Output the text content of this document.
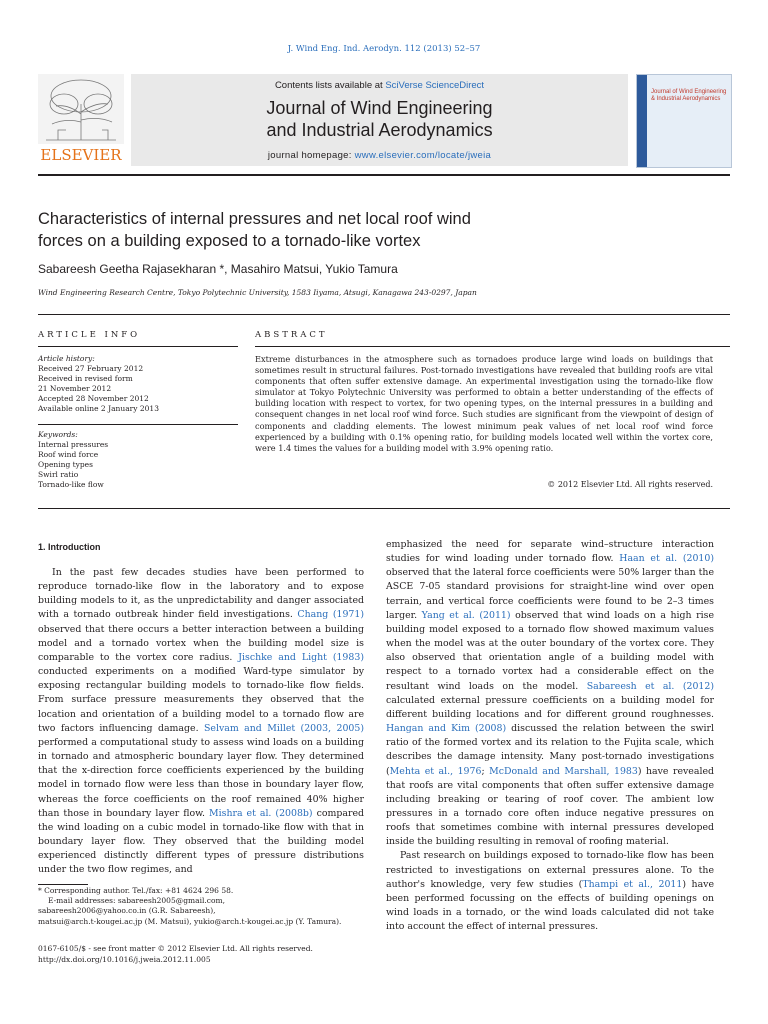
J. Wind Eng. Ind. Aerodyn. 112 (2013) 52–57
ELSEVIER
Contents lists available at SciVerse ScienceDirect
Journal of Wind Engineering
and Industrial Aerodynamics
journal homepage: www.elsevier.com/locate/jweia
Journal of Wind Engineering & Industrial Aerodynamics
Characteristics of internal pressures and net local roof wind
forces on a building exposed to a tornado-like vortex
Sabareesh Geetha Rajasekharan *, Masahiro Matsui, Yukio Tamura
Wind Engineering Research Centre, Tokyo Polytechnic University, 1583 Iiyama, Atsugi, Kanagawa 243-0297, Japan
ARTICLE INFO	ABSTRACT
Article history:
Received 27 February 2012
Received in revised form
21 November 2012
Accepted 28 November 2012
Available online 2 January 2013
Keywords:
Internal pressures
Roof wind force
Opening types
Swirl ratio
Tornado-like flow
Extreme disturbances in the atmosphere such as tornadoes produce large wind loads on buildings that sometimes result in structural failures. Post-tornado investigations have revealed that building roofs are vital components that often suffer extensive damage. An experimental investigation using the tornado-like flow simulator at Tokyo Polytechnic University was performed to obtain a better understanding of the effects of building location with respect to vortex, for two opening types, on the internal pressures in a building and consequent changes in net local roof wind force. Such studies are significant from the viewpoint of design of components and cladding elements. The lowest minimum peak values of net local roof wind force experienced by a building with 0.1% opening ratio, for building models located well within the vortex core, were 1.4 times the values for a building model with 3.9% opening ratio.
© 2012 Elsevier Ltd. All rights reserved.
1. Introduction

In the past few decades studies have been performed to reproduce tornado-like flow in the laboratory and to expose building models to it, as the unpredictability and danger associated with a tornado outbreak hinder field investigations. Chang (1971) observed that there occurs a better interaction between a building model and a tornado vortex when the building model size is comparable to the vortex core radius. Jischke and Light (1983) conducted experiments on a modified Ward-type simulator by exposing rectangular building models to tornado-like flow fields. From surface pressure measurements they observed that the location and orientation of a building model to a tornado flow are two factors influencing damage. Selvam and Millet (2003, 2005) performed a computational study to assess wind loads on a building in tornado and atmospheric boundary layer flow. They determined that the x-direction force coefficients experienced by the building model in tornado flow were less than those in boundary layer flow, whereas the force coefficients on the roof remained 40% higher than those in boundary layer flow. Mishra et al. (2008b) compared the wind loading on a cubic model in tornado-like flow with that in boundary layer flow. They observed that the building model experienced distinctly different types of pressure distributions under the two flow regimes, and

emphasized the need for separate wind–structure interaction studies for wind loading under tornado flow. Haan et al. (2010) observed that the lateral force coefficients were 50% larger than the ASCE 7-05 standard provisions for straight-line wind over open terrain, and vertical force coefficients were found to be 2–3 times larger. Yang et al. (2011) observed that wind loads on a high rise building model exposed to a tornado flow showed maximum values when the model was at the outer boundary of the vortex core. They also observed that orientation angle of a building model with respect to a tornado vortex had a considerable effect on the resultant wind loads on the model. Sabareesh et al. (2012) calculated external pressure coefficients on a building model for different building locations and for different ground roughnesses. Hangan and Kim (2008) discussed the relation between the swirl ratio of the formed vortex and its relation to the Fujita scale, which describes the damage intensity. Many post-tornado investigations (Mehta et al., 1976; McDonald and Marshall, 1983) have revealed that roofs are vital components that often suffer extensive damage including breaking or tearing of roof cover. The ambient low pressures in a tornado core often induce negative pressures on roofs that sometimes combine with internal pressures developed inside the building resulting in removal of roofing material.

Past research on buildings exposed to tornado-like flow has been restricted to investigations on external pressures alone. To the author's knowledge, very few studies (Thampi et al., 2011) have been performed focussing on the effects of building openings on wind loads in a tornado, or the wind loads calculated did not take into account the effect of internal pressures.

* Corresponding author. Tel./fax: +81 4624 296 58.
E-mail addresses: sabareesh2005@gmail.com,
sabareesh2006@yahoo.co.in (G.R. Sabareesh),
matsui@arch.t-kougei.ac.jp (M. Matsui), yukio@arch.t-kougei.ac.jp (Y. Tamura).
0167-6105/$ - see front matter © 2012 Elsevier Ltd. All rights reserved.
http://dx.doi.org/10.1016/j.jweia.2012.11.005
